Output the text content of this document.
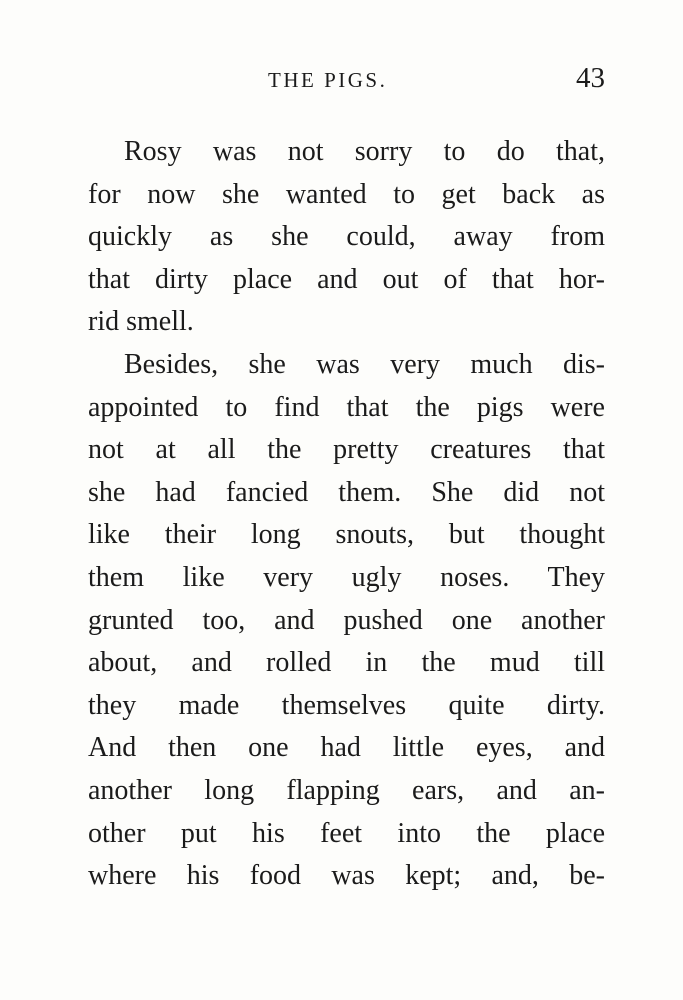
THE PIGS.	43
Rosy was not sorry to do that,
for now she wanted to get back as
quickly as she could, away from
that dirty place and out of that hor-
rid smell.
Besides, she was very much dis-
appointed to find that the pigs were
not at all the pretty creatures that
she had fancied them. She did not
like their long snouts, but thought
them like very ugly noses. They
grunted too, and pushed one another
about, and rolled in the mud till
they made themselves quite dirty.
And then one had little eyes, and
another long flapping ears, and an-
other put his feet into the place
where his food was kept; and, be-
